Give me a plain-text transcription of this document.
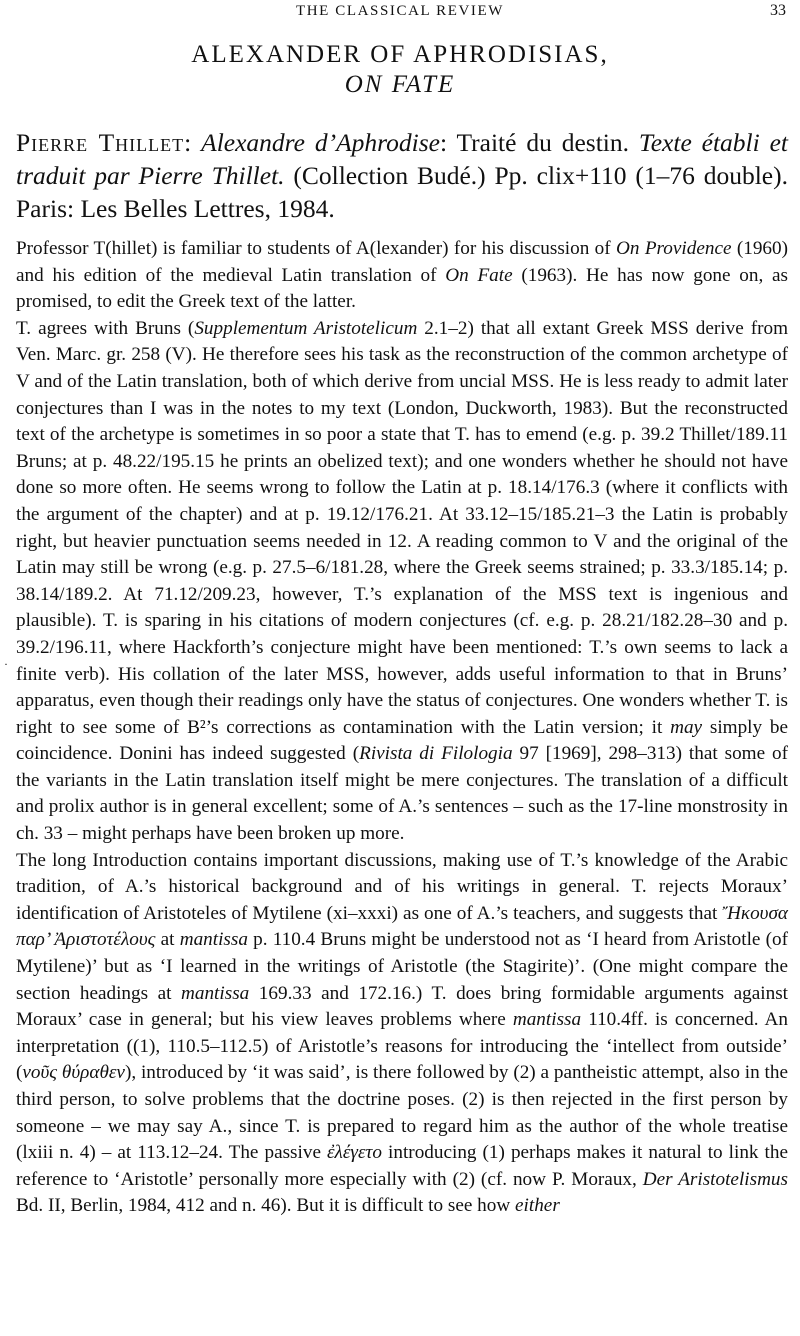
THE CLASSICAL REVIEW	33
ALEXANDER OF APHRODISIAS,
ON FATE
Pierre Thillet: Alexandre d’Aphrodise: Traité du destin. Texte établi et traduit par Pierre Thillet. (Collection Budé.) Pp. clix+110 (1–76 double). Paris: Les Belles Lettres, 1984.
·

Professor T(hillet) is familiar to students of A(lexander) for his discussion of On Providence (1960) and his edition of the medieval Latin translation of On Fate (1963). He has now gone on, as promised, to edit the Greek text of the latter.

T. agrees with Bruns (Supplementum Aristotelicum 2.1–2) that all extant Greek MSS derive from Ven. Marc. gr. 258 (V). He therefore sees his task as the reconstruction of the common archetype of V and of the Latin translation, both of which derive from uncial MSS. He is less ready to admit later conjectures than I was in the notes to my text (London, Duckworth, 1983). But the reconstructed text of the archetype is sometimes in so poor a state that T. has to emend (e.g. p. 39.2 Thillet/189.11 Bruns; at p. 48.22/195.15 he prints an obelized text); and one wonders whether he should not have done so more often. He seems wrong to follow the Latin at p. 18.14/176.3 (where it conflicts with the argument of the chapter) and at p. 19.12/176.21. At 33.12–15/185.21–3 the Latin is probably right, but heavier punctuation seems needed in 12. A reading common to V and the original of the Latin may still be wrong (e.g. p. 27.5–6/181.28, where the Greek seems strained; p. 33.3/185.14; p. 38.14/189.2. At 71.12/209.23, however, T.’s explanation of the MSS text is ingenious and plausible). T. is sparing in his citations of modern conjectures (cf. e.g. p. 28.21/182.28–30 and p. 39.2/196.11, where Hackforth’s conjecture might have been mentioned: T.’s own seems to lack a finite verb). His collation of the later MSS, however, adds useful information to that in Bruns’ apparatus, even though their readings only have the status of conjectures. One wonders whether T. is right to see some of B²’s corrections as contamination with the Latin version; it may simply be coincidence. Donini has indeed suggested (Rivista di Filologia 97 [1969], 298–313) that some of the variants in the Latin translation itself might be mere conjectures. The translation of a difficult and prolix author is in general excellent; some of A.’s sentences – such as the 17-line monstrosity in ch. 33 – might perhaps have been broken up more.

The long Introduction contains important discussions, making use of T.’s knowledge of the Arabic tradition, of A.’s historical background and of his writings in general. T. rejects Moraux’ identification of Aristoteles of Mytilene (xi–xxxi) as one of A.’s teachers, and suggests that Ἤκουσα παρ’ Ἀριστοτέλους at mantissa p. 110.4 Bruns might be understood not as ‘I heard from Aristotle (of Mytilene)’ but as ‘I learned in the writings of Aristotle (the Stagirite)’. (One might compare the section headings at mantissa 169.33 and 172.16.) T. does bring formidable arguments against Moraux’ case in general; but his view leaves problems where mantissa 110.4ff. is concerned. An interpretation ((1), 110.5–112.5) of Aristotle’s reasons for introducing the ‘intellect from outside’ (νοῦς θύραθεν), introduced by ‘it was said’, is there followed by (2) a pantheistic attempt, also in the third person, to solve problems that the doctrine poses. (2) is then rejected in the first person by someone – we may say A., since T. is prepared to regard him as the author of the whole treatise (lxiii n. 4) – at 113.12–24. The passive ἐλέγετο introducing (1) perhaps makes it natural to link the reference to ‘Aristotle’ personally more especially with (2) (cf. now P. Moraux, Der Aristotelismus Bd. II, Berlin, 1984, 412 and n. 46). But it is difficult to see how either
